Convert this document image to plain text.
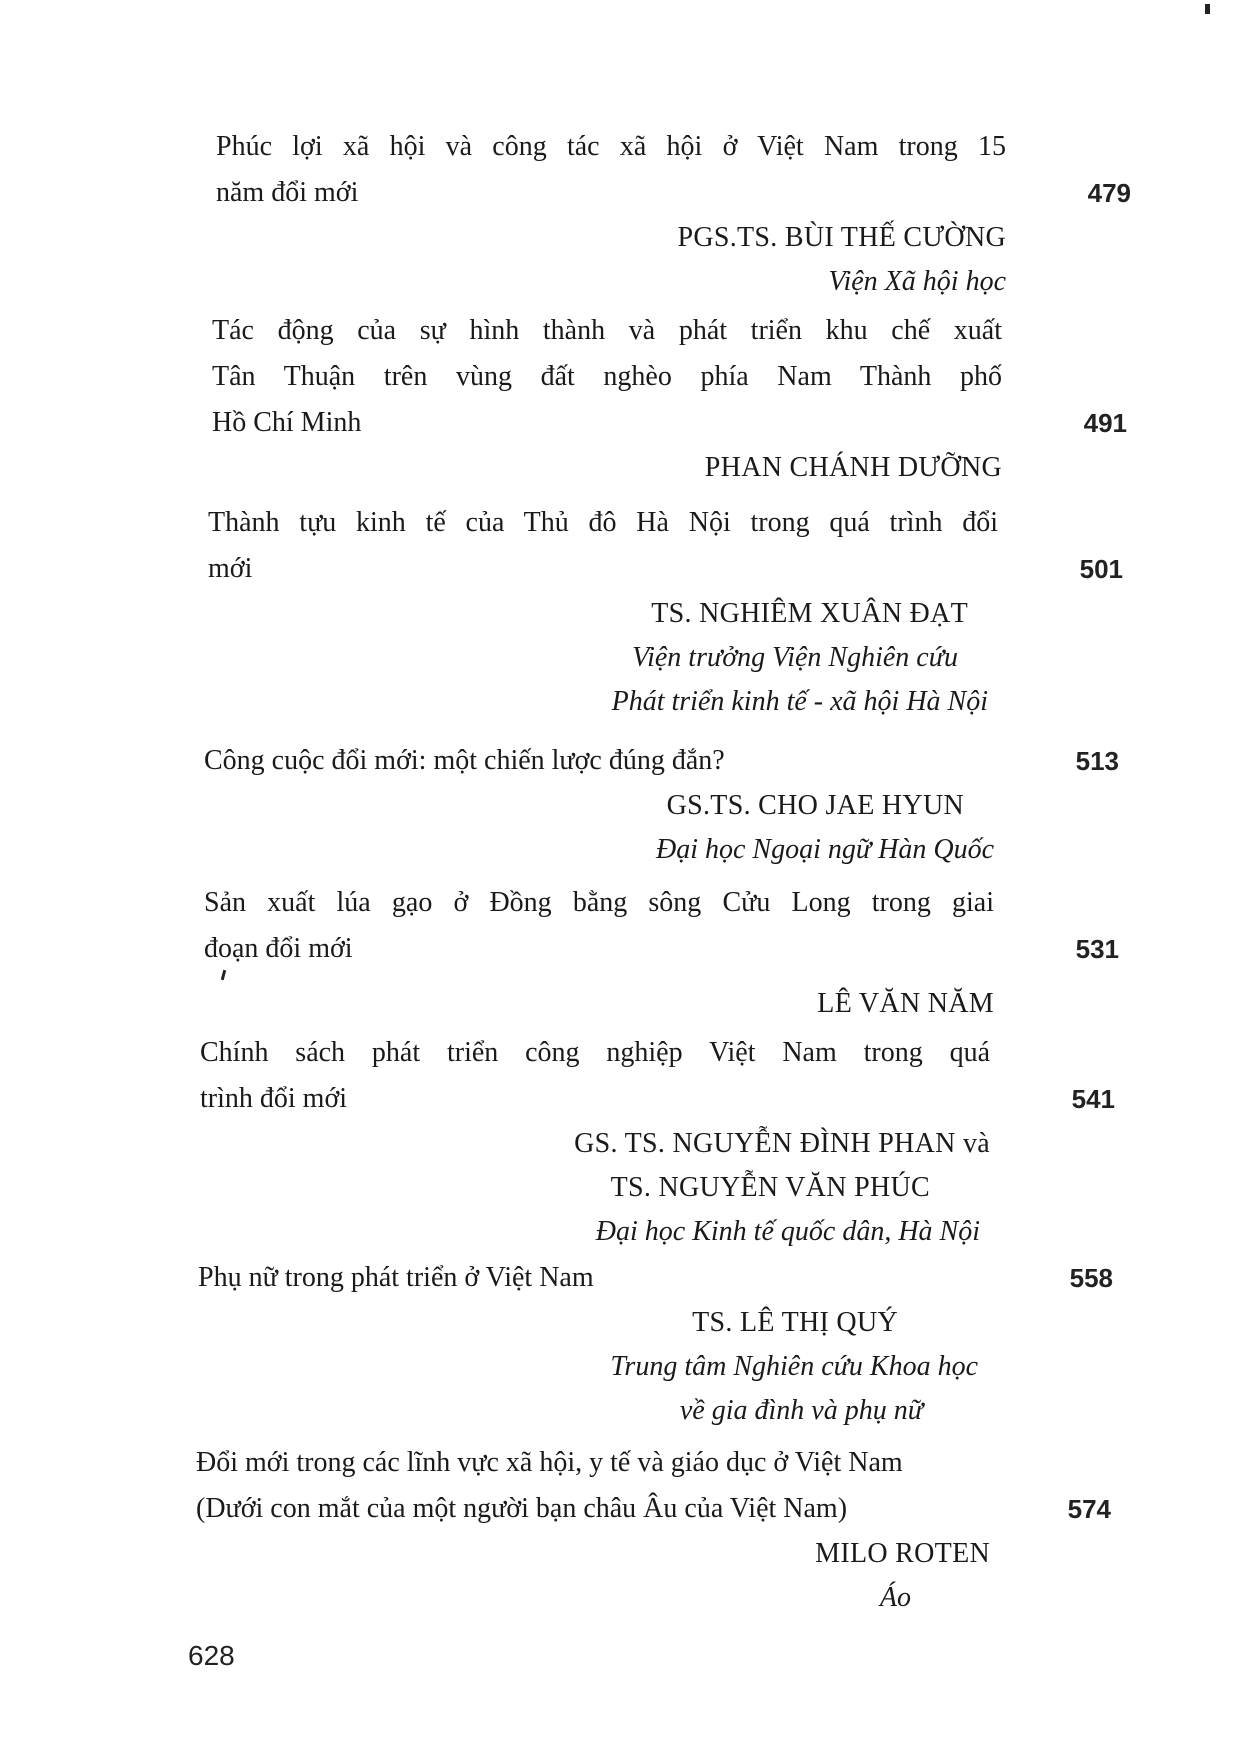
Phúc lợi xã hội và công tác xã hội ở Việt Nam trong 15
năm đổi mới	479
PGS.TS. BÙI THẾ CƯỜNG
Viện Xã hội học
Tác động của sự hình thành và phát triển khu chế xuất
Tân Thuận trên vùng đất nghèo phía Nam Thành phố
Hồ Chí Minh	491
PHAN CHÁNH DƯỠNG
Thành tựu kinh tế của Thủ đô Hà Nội trong quá trình đổi
mới	501
TS. NGHIÊM XUÂN ĐẠT
Viện trưởng Viện Nghiên cứu
Phát triển kinh tế - xã hội Hà Nội
Công cuộc đổi mới: một chiến lược đúng đắn?	513
GS.TS. CHO JAE HYUN
Đại học Ngoại ngữ Hàn Quốc
Sản xuất lúa gạo ở Đồng bằng sông Cửu Long trong giai
đoạn đổi mới	531
LÊ VĂN NĂM
Chính sách phát triển công nghiệp Việt Nam trong quá
trình đổi mới	541
GS. TS. NGUYỄN ĐÌNH PHAN và
TS. NGUYỄN VĂN PHÚC
Đại học Kinh tế quốc dân, Hà Nội
Phụ nữ trong phát triển ở Việt Nam	558
TS. LÊ THỊ QUÝ
Trung tâm Nghiên cứu Khoa học
về gia đình và phụ nữ
Đổi mới trong các lĩnh vực xã hội, y tế và giáo dục ở Việt Nam
(Dưới con mắt của một người bạn châu Âu của Việt Nam)	574
MILO ROTEN
Áo
628
